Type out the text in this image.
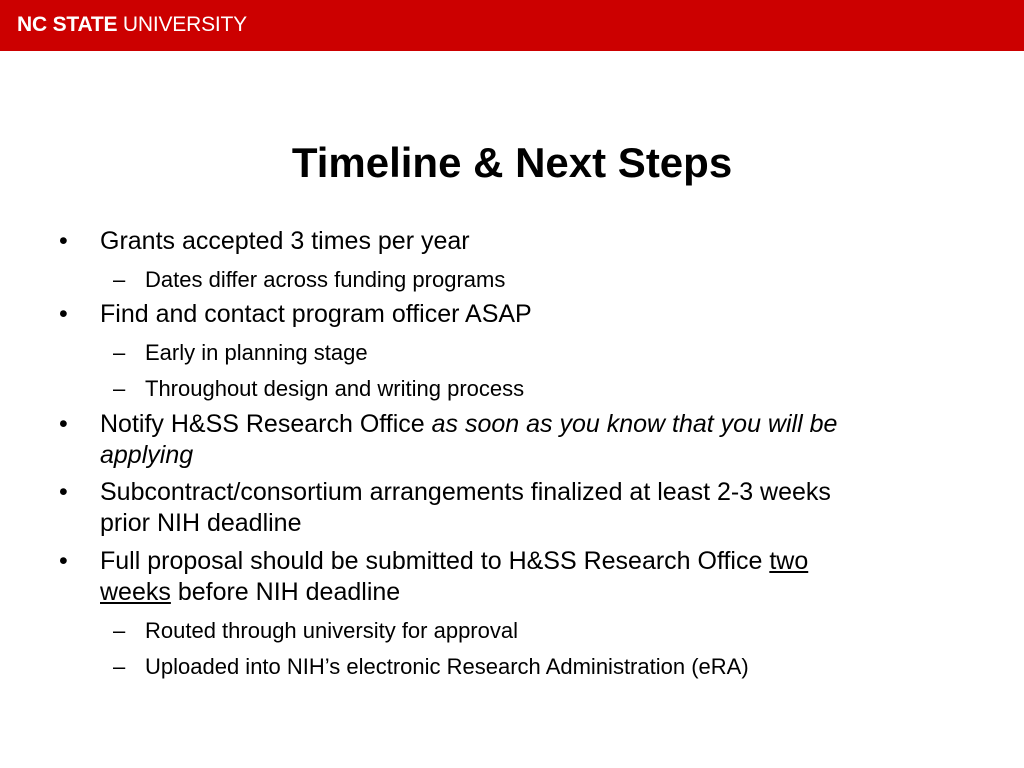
NC STATE UNIVERSITY
Timeline & Next Steps
• Grants accepted 3 times per year
– Dates differ across funding programs
• Find and contact program officer ASAP
– Early in planning stage
– Throughout design and writing process
• Notify H&SS Research Office as soon as you know that you will be
applying
• Subcontract/consortium arrangements finalized at least 2-3 weeks
prior NIH deadline
• Full proposal should be submitted to H&SS Research Office two
weeks before NIH deadline
– Routed through university for approval
– Uploaded into NIH’s electronic Research Administration (eRA)
